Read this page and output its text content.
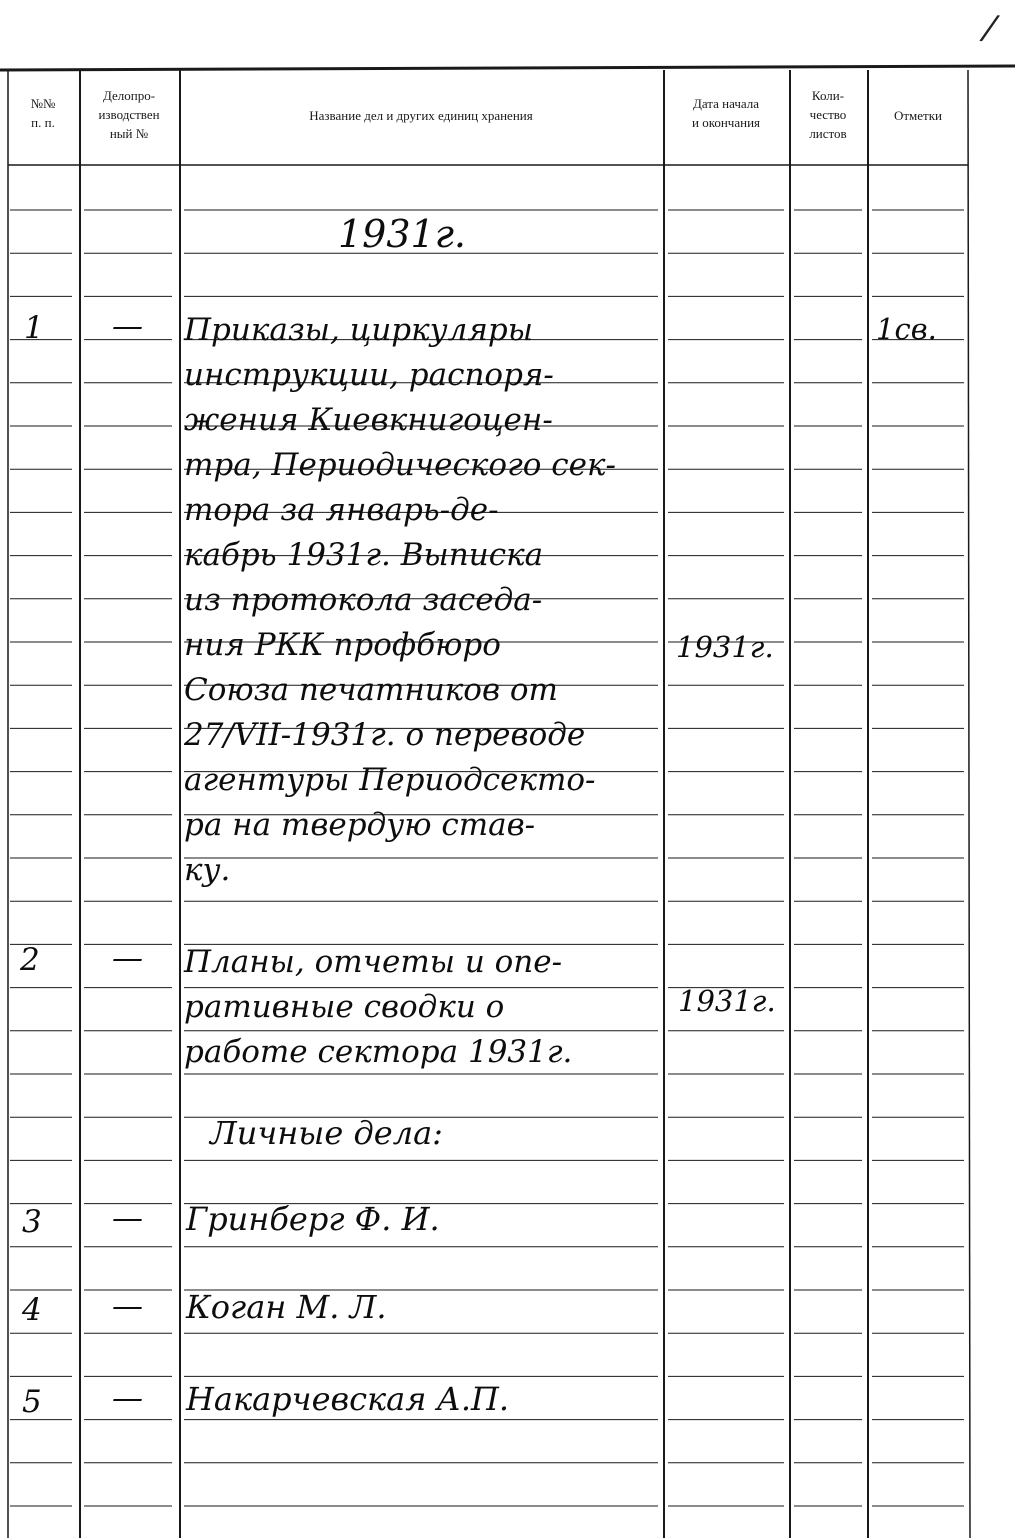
/
№№
п. п.
Делопро-
изводствен
ный №
Название дел и других единиц хранения
Дата начала
и окончания
Коли-
чество
листов
Отметки
1931г.
1 — Приказы, циркуляры
инструкции, распоря-
жения Киевкнигоцен-
тра, Периодического сек-
тора за январь-де-
кабрь 1931г. Выписка
из протокола заседа-
ния РКК профбюро
Союза печатников от
27/VII-1931г. о переводе
агентуры Периодсекто-
ра на твердую став-
ку.
1931г.
1св.
2 — Планы, отчеты и опе-
ративные сводки о
работе сектора 1931г.
1931г.
Личные дела:
3 — Гринберг Ф. И.
4 — Коган М. Л.
5 — Накарчевская А.П.
